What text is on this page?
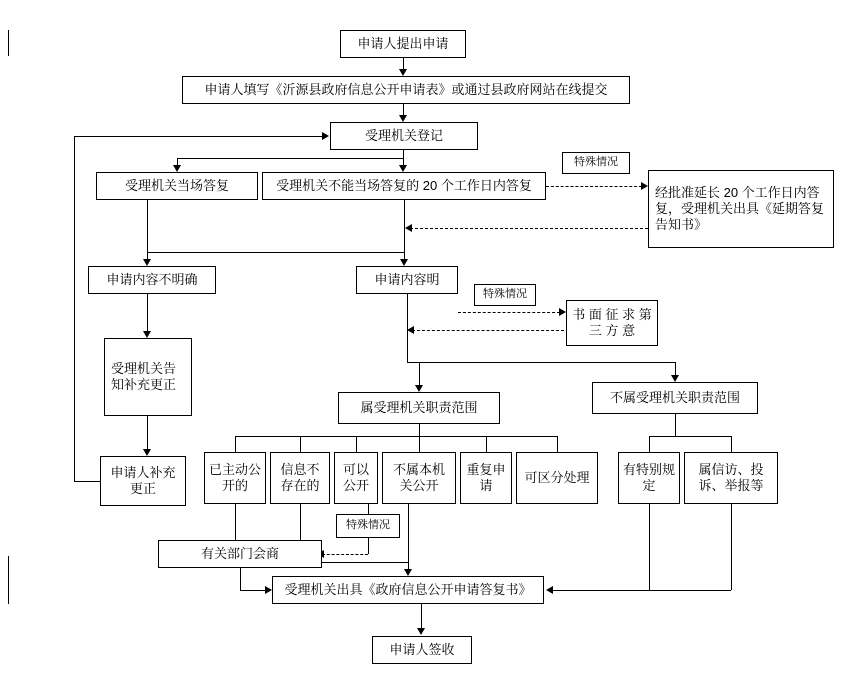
申请人提出申请
申请人填写《沂源县政府信息公开申请表》或通过县政府网站在线提交
受理机关登记
受理机关当场答复	受理机关不能当场答复的 20 个工作日内答复
特殊情况
经批准延长 20 个工作日内答复，受理机关出具《延期答复告知书》
申请内容不明确	申请内容明
特殊情况
书 面 征 求 第 三 方 意
受理机关告知补充更正
属受理机关职责范围
不属受理机关职责范围
申请人补充更正
已主动公开的
信息不存在的
可以公开
不属本机关公开
重复申请
可区分处理
有特别规定
属信访、投诉、举报等
特殊情况
有关部门会商
受理机关出具《政府信息公开申请答复书》
申请人签收
